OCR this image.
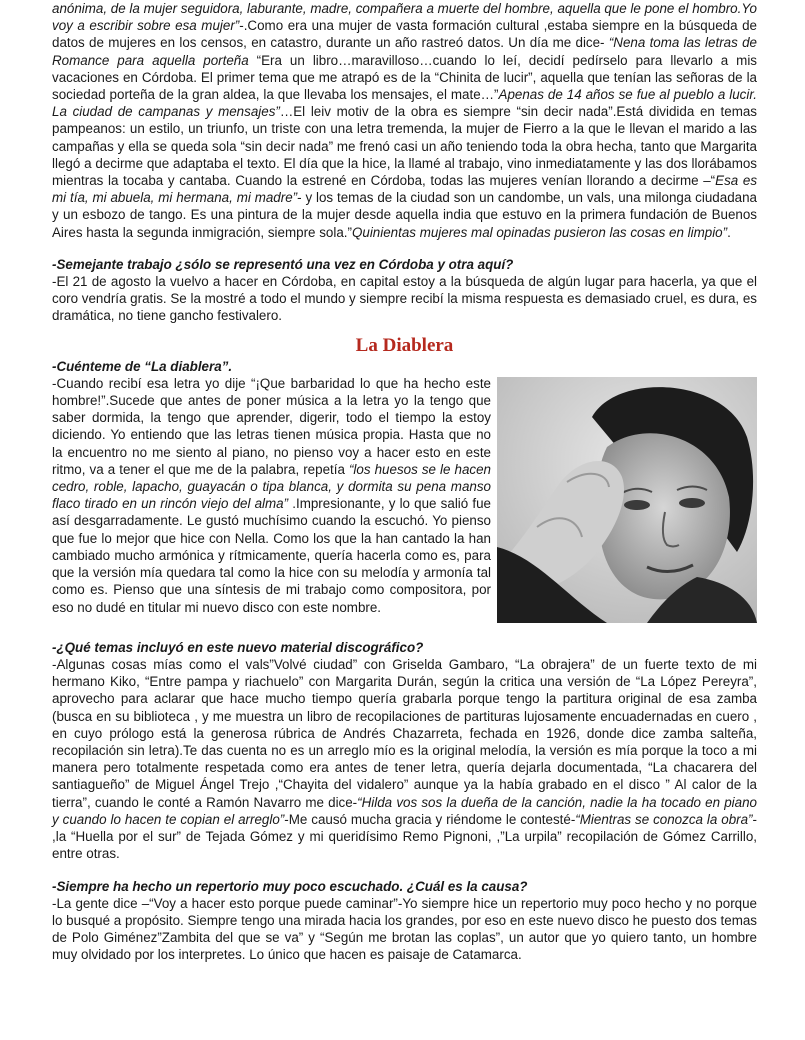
anónima, de la mujer seguidora, laburante, madre, compañera a muerte del hombre, aquella que le pone el hombro.Yo voy a escribir sobre esa mujer”-.Como era una mujer de vasta formación cultural ,estaba siempre en la búsqueda de datos de mujeres en los censos, en catastro, durante un año rastreó datos. Un día me dice- “Nena toma las letras de Romance para aquella porteña “Era un libro…maravilloso…cuando lo leí, decidí pedírselo para llevarlo a mis vacaciones en Córdoba. El primer tema que me atrapó es de la “Chinita de lucir”, aquella que tenían las señoras de la sociedad porteña de la gran aldea, la que llevaba los mensajes, el mate…”Apenas de 14 años se fue al pueblo a lucir. La ciudad de campanas y mensajes”…El leiv motiv de la obra es siempre “sin decir nada”.Está dividida en temas pampeanos: un estilo, un triunfo, un triste con una letra tremenda, la mujer de Fierro a la que le llevan el marido a las campañas y ella se queda sola “sin decir nada” me frenó casi un año teniendo toda la obra hecha, tanto que Margarita llegó a decirme que adaptaba el texto. El día que la hice, la llamé al trabajo, vino inmediatamente y las dos llorábamos mientras la tocaba y cantaba. Cuando la estrené en Córdoba, todas las mujeres venían llorando a decirme –“Esa es mi tía, mi abuela, mi hermana, mi madre”- y los temas de la ciudad son un candombe, un vals, una milonga ciudadana y un esbozo de tango. Es una pintura de la mujer desde aquella india que estuvo en la primera fundación de Buenos Aires hasta la segunda inmigración, siempre sola.”Quinientas mujeres mal opinadas pusieron las cosas en limpio”.

-Semejante trabajo ¿sólo se representó una vez en Córdoba y otra aquí?

-El 21 de agosto la vuelvo a hacer en Córdoba, en capital estoy a la búsqueda de algún lugar para hacerla, ya que el coro vendría gratis. Se la mostré a todo el mundo y siempre recibí la misma respuesta es demasiado cruel, es dura, es dramática, no tiene gancho festivalero.

La Diablera

-Cuénteme de “La diablera”.

-Cuando recibí esa letra yo dije “¡Que barbaridad lo que ha hecho este hombre!”.Sucede que antes de poner música a la letra yo la tengo que saber dormida, la tengo que aprender, digerir, todo el tiempo la estoy diciendo. Yo entiendo que las letras tienen música propia. Hasta que no la encuentro no me siento al piano, no pienso voy a hacer esto en este ritmo, va a tener el que me de la palabra, repetía “los huesos se le hacen cedro, roble, lapacho, guayacán o tipa blanca, y dormita su pena manso flaco tirado en un rincón viejo del alma” .Impresionante, y lo que salió fue así desgarradamente. Le gustó muchísimo cuando la escuchó. Yo pienso que fue lo mejor que hice con Nella. Como los que la han cantado la han cambiado mucho armónica y rítmicamente, quería hacerla como es, para que la versión mía quedara tal como la hice con su melodía y armonía tal como es. Pienso que una síntesis de mi trabajo como compositora, por eso no dudé en titular mi nuevo disco con este nombre.

-¿Qué temas incluyó en este nuevo material discográfico?

-Algunas cosas mías como el vals”Volvé ciudad” con Griselda Gambaro, “La obrajera” de un fuerte texto de mi hermano Kiko, “Entre pampa y riachuelo” con Margarita Durán, según la critica una versión de “La López Pereyra”, aprovecho para aclarar que hace mucho tiempo quería grabarla porque tengo la partitura original de esa zamba (busca en su biblioteca , y me muestra un libro de recopilaciones de partituras lujosamente encuadernadas en cuero , en cuyo prólogo está la generosa rúbrica de Andrés Chazarreta, fechada en 1926, donde dice zamba salteña, recopilación sin letra).Te das cuenta no es un arreglo mío es la original melodía, la versión es mía porque la toco a mi manera pero totalmente respetada como era antes de tener letra, quería dejarla documentada, “La chacarera del santiagueño” de Miguel Ángel Trejo ,“Chayita del vidalero” aunque ya la había grabado en el disco ” Al calor de la tierra”, cuando le conté a Ramón Navarro me dice-“Hilda vos sos la dueña de la canción, nadie la ha tocado en piano y cuando lo hacen te copian el arreglo”-Me causó mucha gracia y riéndome le contesté-“Mientras se conozca la obra”- ,la “Huella por el sur” de Tejada Gómez y mi queridísimo Remo Pignoni, ,”La urpila” recopilación de Gómez Carrillo, entre otras.

-Siempre ha hecho un repertorio muy poco escuchado. ¿Cuál es la causa?

-La gente dice –“Voy a hacer esto porque puede caminar”-Yo siempre hice un repertorio muy poco hecho y no porque lo busqué a propósito. Siempre tengo una mirada hacia los grandes, por eso en este nuevo disco he puesto dos temas de Polo Giménez”Zambita del que se va” y “Según me brotan las coplas”, un autor que yo quiero tanto, un hombre muy olvidado por los interpretes. Lo único que hacen es paisaje de Catamarca.
